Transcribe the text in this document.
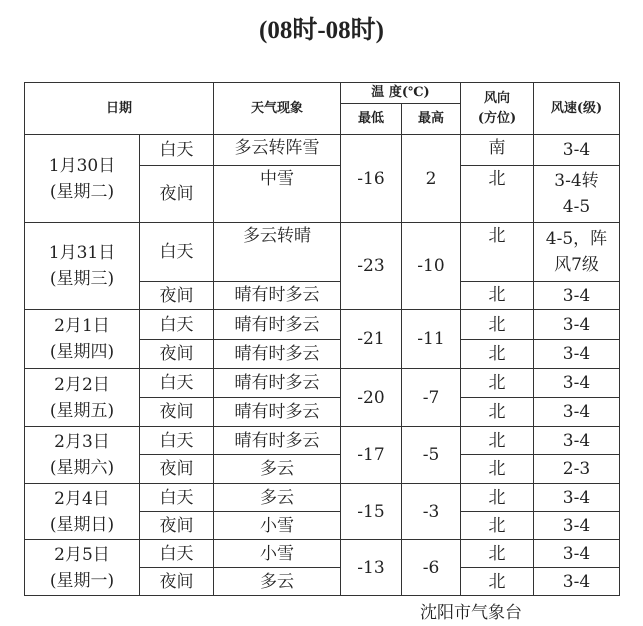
(08时-08时)
日期		天气现象	温 度(℃)		风向
(方位)	风速(级)
			最低	最高		
1月30日
(星期二)	白天	多云转阵雪	-16	2	南	3-4
	夜间	中雪			北	3-4转
4-5
1月31日
(星期三)	白天	多云转晴	-23	-10	北	4-5，阵
风7级
	夜间	晴有时多云			北	3-4
2月1日
(星期四)	白天	晴有时多云	-21	-11	北	3-4
	夜间	晴有时多云			北	3-4
2月2日
(星期五)	白天	晴有时多云	-20	-7	北	3-4
	夜间	晴有时多云			北	3-4
2月3日
(星期六)	白天	晴有时多云	-17	-5	北	3-4
	夜间	多云			北	2-3
2月4日
(星期日)	白天	多云	-15	-3	北	3-4
	夜间	小雪			北	3-4
2月5日
(星期一)	白天	小雪	-13	-6	北	3-4
	夜间	多云			北	3-4
沈阳市气象台
